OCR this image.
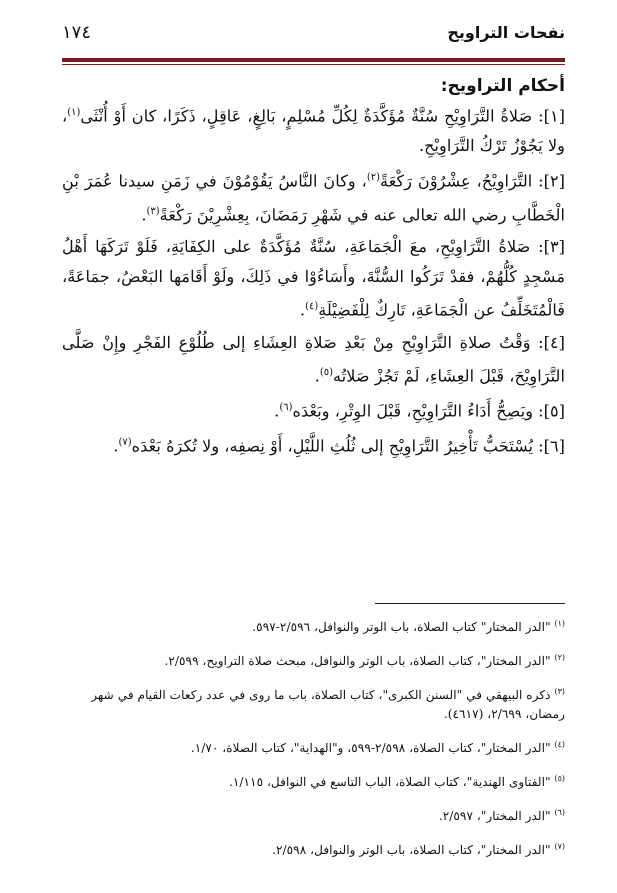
نفحات التراويح
١٧٤
أحكام التراويح:

[١]: صَلاةُ التَّرَاوِيْحِ سُنَّةٌ مُؤَكَّدَةٌ لِكُلِّ مُسْلِمٍ، بَالِغٍ، عَاقِلٍ، ذَكَرًا، كان أَوْ أُنْثَى$^{(١)}$، ولا يَجُوْزُ تَرْكُ التَّرَاوِيْحِ.

[٢]: التَّرَاوِيْحُ، عِشْرُوْنَ رَكْعَةً$^{(٢)}$، وكانَ النَّاسُ يَقُوْمُوْنَ في زَمَنِ سيدنا عُمَرَ بْنِ الْخَطَّابِ رضي الله تعالى عنه في شَهْرِ رَمَضَانَ، بِعِشْرِيْنَ رَكْعَةً$^{(٣)}$.

[٣]: صَلاةُ التَّرَاوِيْحِ، معَ الْجَمَاعَةِ، سُنَّةٌ مُؤَكَّدَةٌ على الكِفَايَةِ، فَلَوْ تَرَكَهَا أَهْلُ مَسْجِدٍ كُلُّهُمْ، فقدْ تَرَكُوا السُّنَّةَ، وأَسَاءُوْا في ذَلِكَ، ولَوْ أَقَامَها البَعْضُ، جمَاعَةً، فَالْمُتَخَلِّفُ عن الْجَمَاعَةِ، تَارِكٌ لِلْفَضِيْلَةِ$^{(٤)}$.

[٤]: وَقْتُ صلاةِ التَّرَاوِيْحِ مِنْ بَعْدِ صَلاةِ العِشَاءِ إلى طُلُوْعِ الفَجْرِ وإِنْ صَلَّى التَّرَاوِيْحَ، قَبْلَ العِشَاءِ، لَمْ تَجُزْ صَلاتُه$^{(٥)}$.

[٥]: ويَصِحُّ أَدَاءُ التَّرَاوِيْحِ، قَبْلَ الوِتْرِ، وبَعْدَه$^{(٦)}$.

[٦]: يُسْتَحَبُّ تَأْخِيرُ التَّرَاوِيْحِ إلى ثُلُثِ اللَّيْلِ، أَوْ نِصفِه، ولا تُكرَهُ بَعْدَه$^{(٧)}$.

$^{(١)}$ "الدر المختار" كتاب الصلاة، باب الوتر والنوافل، ٢/٥٩٦-٥٩٧.
$^{(٢)}$ "الدر المختار"، كتاب الصلاة، باب الوتر والنوافل، مبحث صلاة التراويح، ٢/٥٩٩.
$^{(٣)}$ ذكره البيهقي في "السنن الكبرى"، كتاب الصلاة، باب ما روى في عدد ركعات القيام في شهر رمضان، ٢/٦٩٩، (٤٦١٧).
$^{(٤)}$ "الدر المختار"، كتاب الصلاة، ٢/٥٩٨-٥٩٩، و"الهداية"، كتاب الصلاة، ١/٧٠.
$^{(٥)}$ "الفتاوى الهندية"، كتاب الصلاة، الباب التاسع في النوافل، ١/١١٥.
$^{(٦)}$ "الدر المختار"، ٢/٥٩٧.
$^{(٧)}$ "الدر المختار"، كتاب الصلاة، باب الوتر والنوافل، ٢/٥٩٨.
